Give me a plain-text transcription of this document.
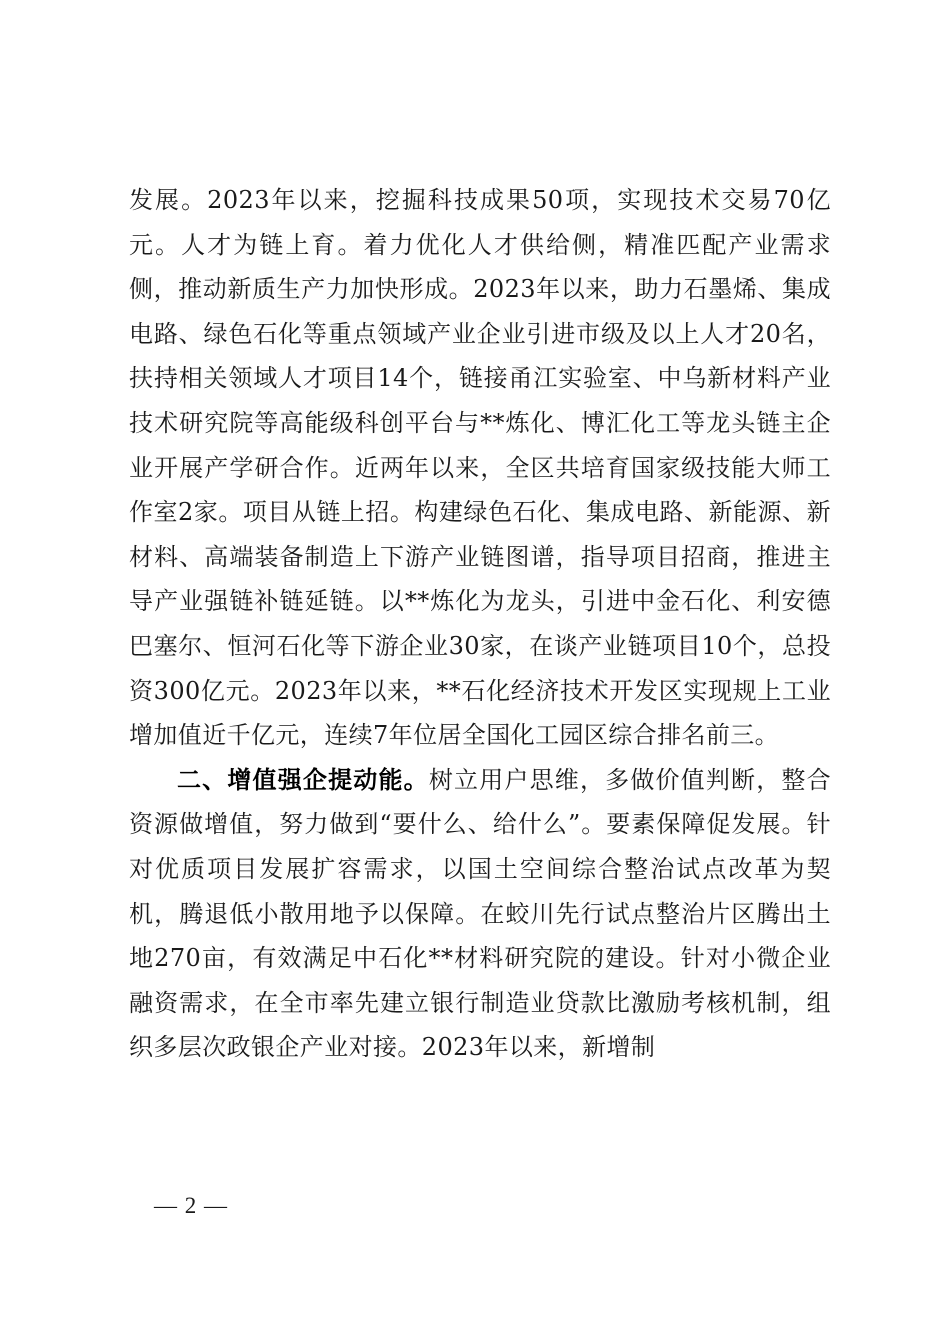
发展。2023年以来，挖掘科技成果50项，实现技术交易70亿元。人才为链上育。着力优化人才供给侧，精准匹配产业需求侧，推动新质生产力加快形成。2023年以来，助力石墨烯、集成电路、绿色石化等重点领域产业企业引进市级及以上人才20名，扶持相关领域人才项目14个，链接甬江实验室、中乌新材料产业技术研究院等高能级科创平台与**炼化、博汇化工等龙头链主企业开展产学研合作。近两年以来，全区共培育国家级技能大师工作室2家。项目从链上招。构建绿色石化、集成电路、新能源、新材料、高端装备制造上下游产业链图谱，指导项目招商，推进主导产业强链补链延链。以**炼化为龙头，引进中金石化、利安德巴塞尔、恒河石化等下游企业30家，在谈产业链项目10个，总投资300亿元。2023年以来，**石化经济技术开发区实现规上工业增加值近千亿元，连续7年位居全国化工园区综合排名前三。

二、增值强企提动能。树立用户思维，多做价值判断，整合资源做增值，努力做到“要什么、给什么”。要素保障促发展。针对优质项目发展扩容需求，以国土空间综合整治试点改革为契机，腾退低小散用地予以保障。在蛟川先行试点整治片区腾出土地270亩，有效满足中石化**材料研究院的建设。针对小微企业融资需求，在全市率先建立银行制造业贷款比激励考核机制，组织多层次政银企产业对接。2023年以来，新增制

— 2 —
